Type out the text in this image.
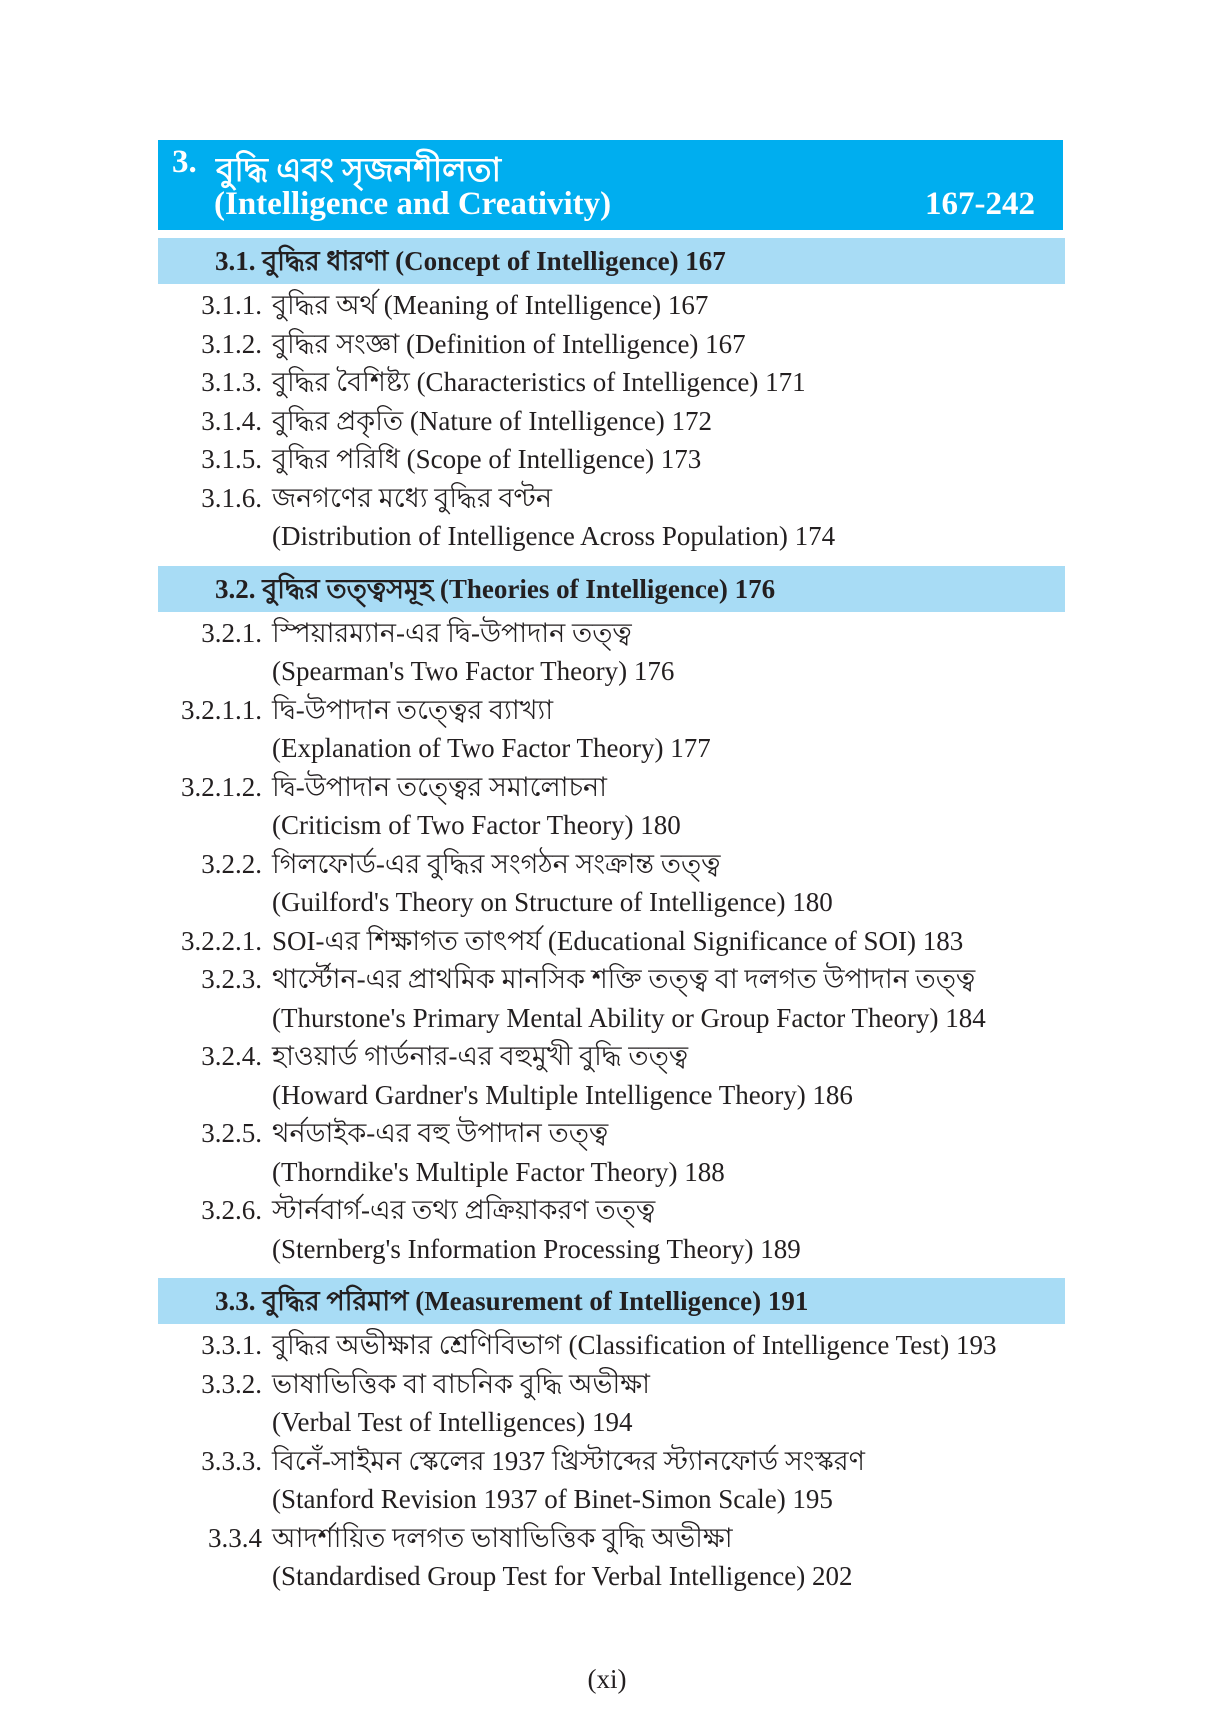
3. বুদ্ধি এবং সৃজনশীলতা
(Intelligence and Creativity)	167-242
3.1. বুদ্ধির ধারণা (Concept of Intelligence) 167
3.1.1. বুদ্ধির অর্থ (Meaning of Intelligence) 167
3.1.2. বুদ্ধির সংজ্ঞা (Definition of Intelligence) 167
3.1.3. বুদ্ধির বৈশিষ্ট্য (Characteristics of Intelligence) 171
3.1.4. বুদ্ধির প্রকৃতি (Nature of Intelligence) 172
3.1.5. বুদ্ধির পরিধি (Scope of Intelligence) 173
3.1.6. জনগণের মধ্যে বুদ্ধির বণ্টন
(Distribution of Intelligence Across Population) 174
3.2. বুদ্ধির তত্ত্বসমূহ (Theories of Intelligence) 176
3.2.1. স্পিয়ারম্যান-এর দ্বি-উপাদান তত্ত্ব
(Spearman's Two Factor Theory) 176
3.2.1.1. দ্বি-উপাদান তত্ত্বের ব্যাখ্যা
(Explanation of Two Factor Theory) 177
3.2.1.2. দ্বি-উপাদান তত্ত্বের সমালোচনা
(Criticism of Two Factor Theory) 180
3.2.2. গিলফোর্ড-এর বুদ্ধির সংগঠন সংক্রান্ত তত্ত্ব
(Guilford's Theory on Structure of Intelligence) 180
3.2.2.1. SOI-এর শিক্ষাগত তাৎপর্য (Educational Significance of SOI) 183
3.2.3. থার্স্টোন-এর প্রাথমিক মানসিক শক্তি তত্ত্ব বা দলগত উপাদান তত্ত্ব
(Thurstone's Primary Mental Ability or Group Factor Theory) 184
3.2.4. হাওয়ার্ড গার্ডনার-এর বহুমুখী বুদ্ধি তত্ত্ব
(Howard Gardner's Multiple Intelligence Theory) 186
3.2.5. থর্নডাইক-এর বহু উপাদান তত্ত্ব
(Thorndike's Multiple Factor Theory) 188
3.2.6. স্টার্নবার্গ-এর তথ্য প্রক্রিয়াকরণ তত্ত্ব
(Sternberg's Information Processing Theory) 189
3.3. বুদ্ধির পরিমাপ (Measurement of Intelligence) 191
3.3.1. বুদ্ধির অভীক্ষার শ্রেণিবিভাগ (Classification of Intelligence Test) 193
3.3.2. ভাষাভিত্তিক বা বাচনিক বুদ্ধি অভীক্ষা
(Verbal Test of Intelligences) 194
3.3.3. বিনেঁ-সাইমন স্কেলের 1937 খ্রিস্টাব্দের স্ট্যানফোর্ড সংস্করণ
(Stanford Revision 1937 of Binet-Simon Scale) 195
3.3.4 আদর্শায়িত দলগত ভাষাভিত্তিক বুদ্ধি অভীক্ষা
(Standardised Group Test for Verbal Intelligence) 202
(xi)
